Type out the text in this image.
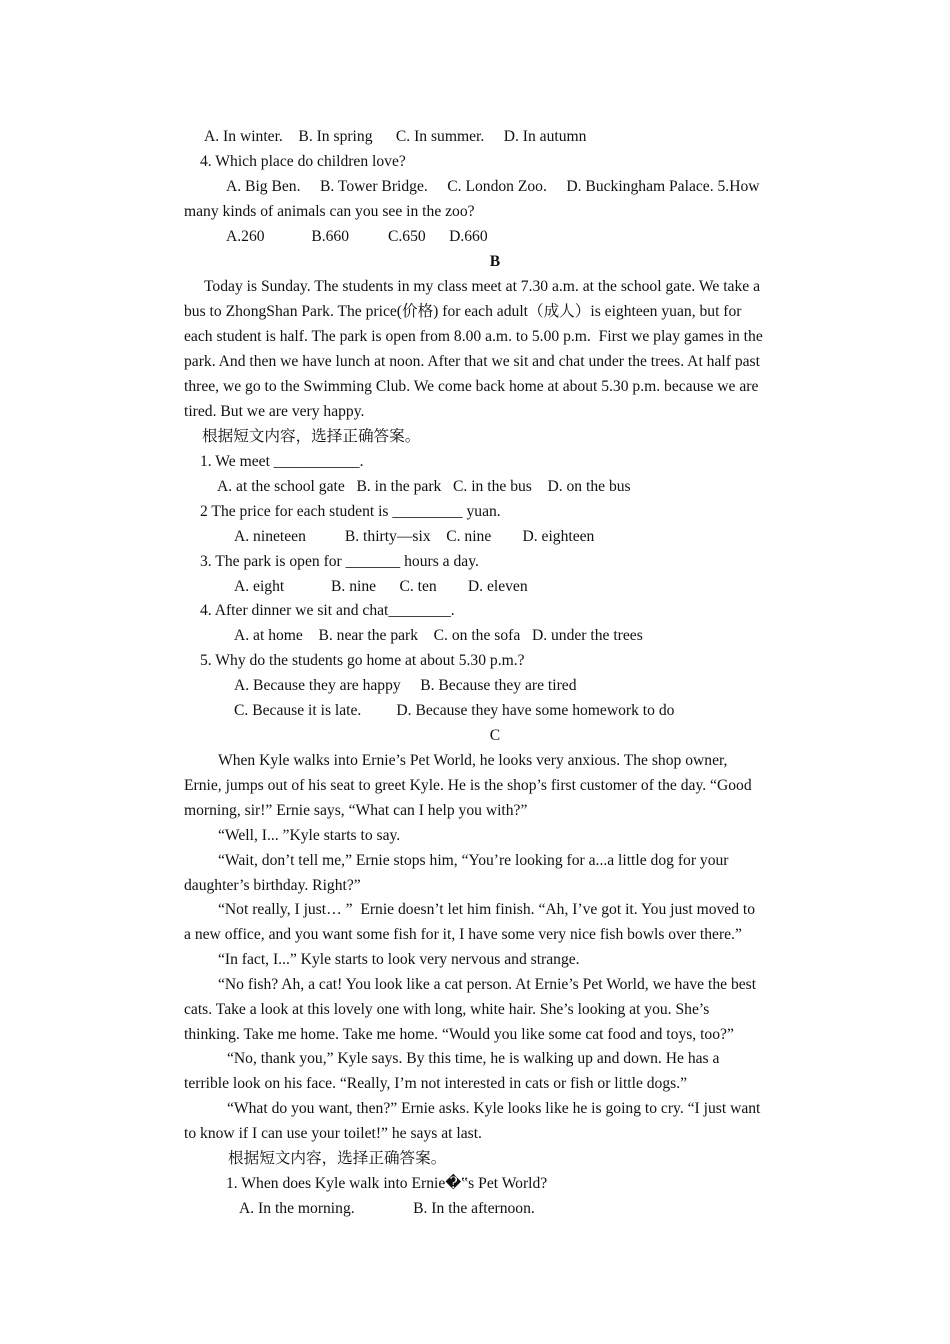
A. In winter.    B. In spring      C. In summer.     D. In autumn
4. Which place do children love?
A. Big Ben.     B. Tower Bridge.     C. London Zoo.     D. Buckingham Palace. 5.How
many kinds of animals can you see in the zoo?
A.260            B.660          C.650      D.660
B
Today is Sunday. The students in my class meet at 7.30 a.m. at the school gate. We take a
bus to ZhongShan Park. The price(价格) for each adult（成人）is eighteen yuan, but for
each student is half. The park is open from 8.00 a.m. to 5.00 p.m.  First we play games in the
park. And then we have lunch at noon. After that we sit and chat under the trees. At half past
three, we go to the Swimming Club. We come back home at about 5.30 p.m. because we are
tired. But we are very happy.
根据短文内容，选择正确答案。
1. We meet ___________.
A. at the school gate   B. in the park   C. in the bus    D. on the bus
2 The price for each student is _________ yuan.
A. nineteen          B. thirty—six    C. nine        D. eighteen
3. The park is open for _______ hours a day.
A. eight            B. nine      C. ten        D. eleven
4. After dinner we sit and chat________.
A. at home    B. near the park    C. on the sofa   D. under the trees
5. Why do the students go home at about 5.30 p.m.?
A. Because they are happy     B. Because they are tired
C. Because it is late.         D. Because they have some homework to do
C
When Kyle walks into Ernie’s Pet World, he looks very anxious. The shop owner,
Ernie, jumps out of his seat to greet Kyle. He is the shop’s first customer of the day. “Good
morning, sir!” Ernie says, “What can I help you with?”
“Well, I... ”Kyle starts to say.
“Wait, don’t tell me,” Ernie stops him, “You’re looking for a...a little dog for your
daughter’s birthday. Right?”
“Not really, I just… ”  Ernie doesn’t let him finish. “Ah, I’ve got it. You just moved to
a new office, and you want some fish for it, I have some very nice fish bowls over there.”
“In fact, I...” Kyle starts to look very nervous and strange.
“No fish? Ah, a cat! You look like a cat person. At Ernie’s Pet World, we have the best
cats. Take a look at this lovely one with long, white hair. She’s looking at you. She’s
thinking. Take me home. Take me home. “Would you like some cat food and toys, too?”
“No, thank you,” Kyle says. By this time, he is walking up and down. He has a
terrible look on his face. “Really, I’m not interested in cats or fish or little dogs.”
“What do you want, then?” Ernie asks. Kyle looks like he is going to cry. “I just want
to know if I can use your toilet!” he says at last.
根据短文内容，选择正确答案。
1. When does Kyle walk into Ernie�‟s Pet World?
A. In the morning.               B. In the afternoon.
